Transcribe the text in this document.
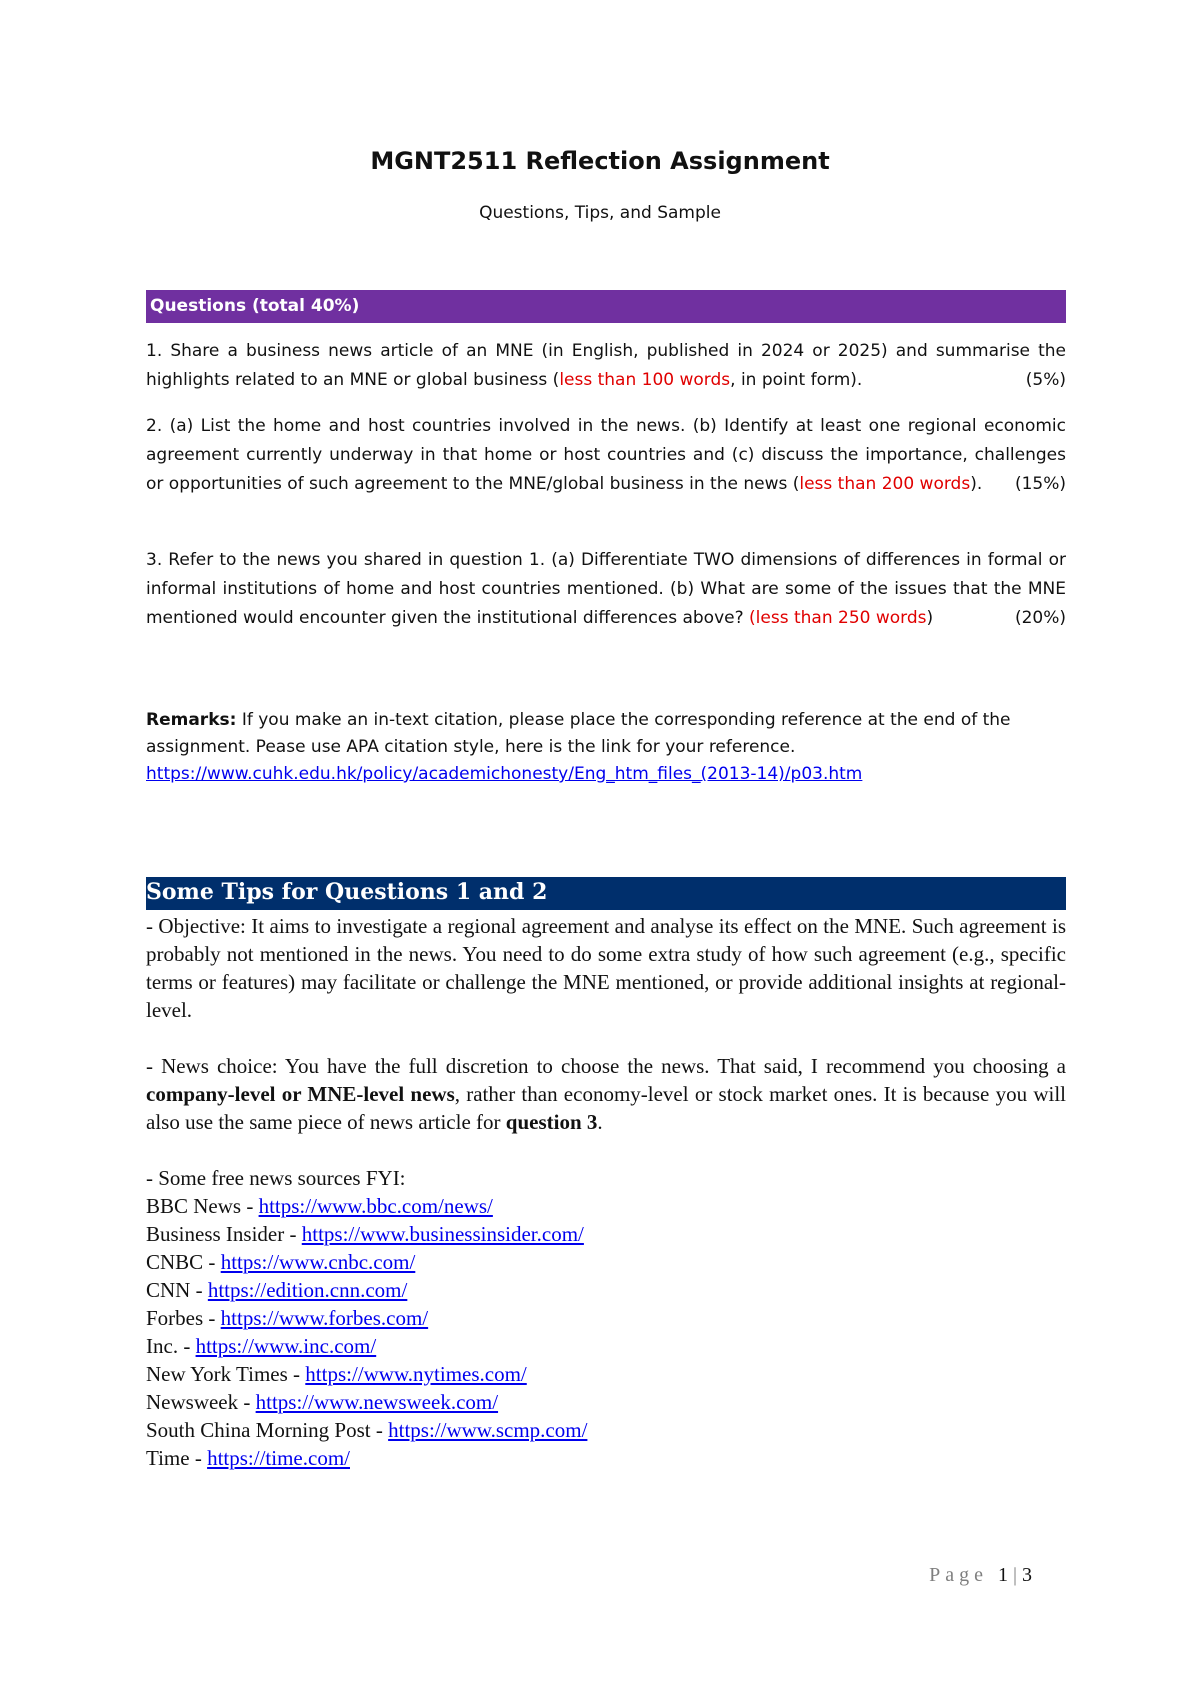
MGNT2511 Reflection Assignment
Questions, Tips, and Sample
Questions (total 40%)
1. Share a business news article of an MNE (in English, published in 2024 or 2025) and summarise the highlights related to an MNE or global business (less than 100 words, in point form).	(5%)
2. (a) List the home and host countries involved in the news. (b) Identify at least one regional economic agreement currently underway in that home or host countries and (c) discuss the importance, challenges or opportunities of such agreement to the MNE/global business in the news (less than 200 words). (15%)
3. Refer to the news you shared in question 1. (a) Differentiate TWO dimensions of differences in formal or informal institutions of home and host countries mentioned. (b) What are some of the issues that the MNE mentioned would encounter given the institutional differences above? (less than 250 words)	(20%)
Remarks: If you make an in-text citation, please place the corresponding reference at the end of the assignment. Pease use APA citation style, here is the link for your reference. https://www.cuhk.edu.hk/policy/academichonesty/Eng_htm_files_(2013-14)/p03.htm
Some Tips for Questions 1 and 2
- Objective: It aims to investigate a regional agreement and analyse its effect on the MNE. Such agreement is probably not mentioned in the news. You need to do some extra study of how such agreement (e.g., specific terms or features) may facilitate or challenge the MNE mentioned, or provide additional insights at regional-level.
- News choice: You have the full discretion to choose the news. That said, I recommend you choosing a company-level or MNE-level news, rather than economy-level or stock market ones. It is because you will also use the same piece of news article for question 3.
- Some free news sources FYI:
BBC News - https://www.bbc.com/news/
Business Insider - https://www.businessinsider.com/
CNBC - https://www.cnbc.com/
CNN - https://edition.cnn.com/
Forbes - https://www.forbes.com/
Inc. - https://www.inc.com/
New York Times - https://www.nytimes.com/
Newsweek - https://www.newsweek.com/
South China Morning Post - https://www.scmp.com/
Time - https://time.com/
Page 1|3
